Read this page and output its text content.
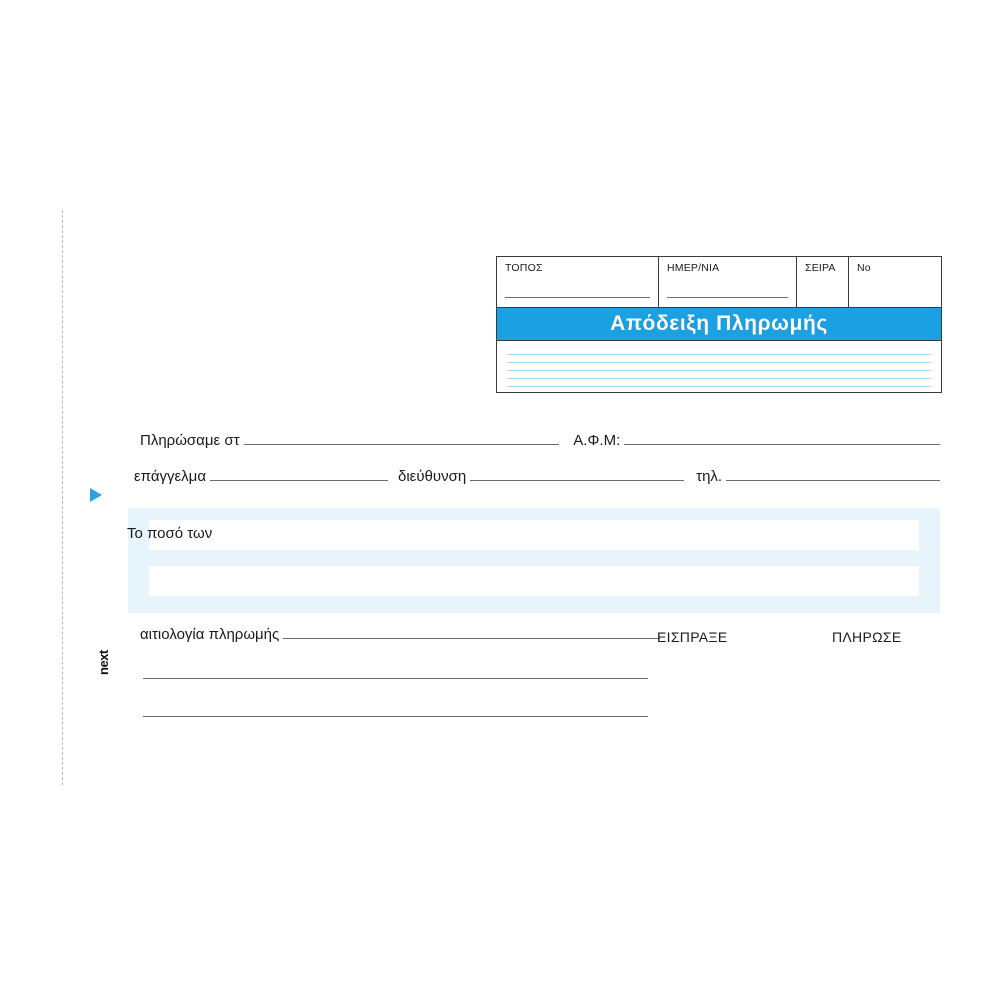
next
ΤΟΠΟΣ	ΗΜΕΡ/ΝΙΑ	ΣΕΙΡΑ	Νο
Απόδειξη Πληρωμής
Πληρώσαμε στ	Α.Φ.Μ:
επάγγελμα	διεύθυνση	τηλ.
Το ποσό των
αιτιολογία πληρωμής	ΕΙΣΠΡΑΞΕ	ΠΛΗΡΩΣΕ
